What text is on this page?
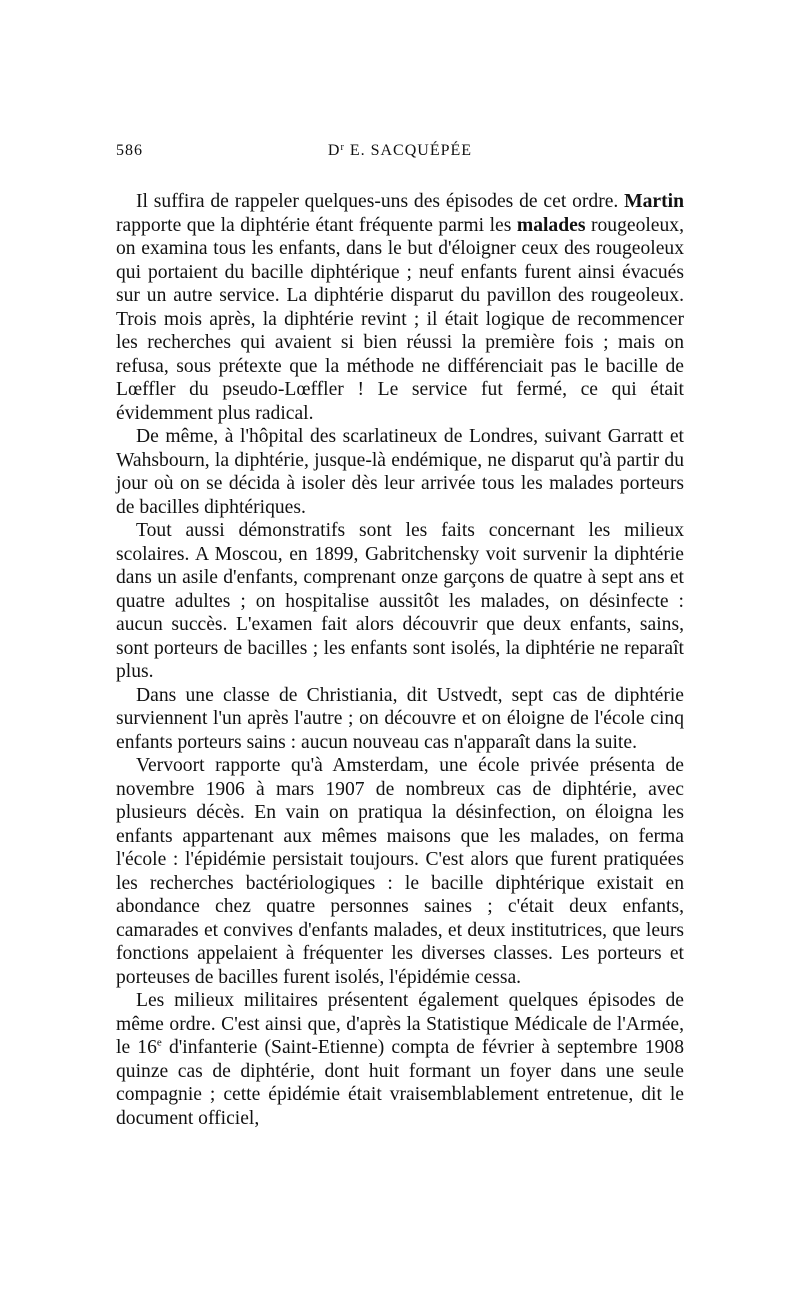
586	$D^r$ E. SACQUÉPÉE

Il suffira de rappeler quelques-uns des épisodes de cet ordre. Martin rapporte que la diphtérie étant fréquente parmi les malades rougeoleux, on examina tous les enfants, dans le but d'éloigner ceux des rougeoleux qui portaient du bacille diphtérique ; neuf enfants furent ainsi évacués sur un autre service. La diphtérie disparut du pavillon des rougeoleux. Trois mois après, la diphtérie revint ; il était logique de recommencer les recherches qui avaient si bien réussi la première fois ; mais on refusa, sous prétexte que la méthode ne différenciait pas le bacille de Lœffler du pseudo-Lœffler ! Le service fut fermé, ce qui était évidemment plus radical.

De même, à l'hôpital des scarlatineux de Londres, suivant Garratt et Wahsbourn, la diphtérie, jusque-là endémique, ne disparut qu'à partir du jour où on se décida à isoler dès leur arrivée tous les malades porteurs de bacilles diphtériques.

Tout aussi démonstratifs sont les faits concernant les milieux scolaires. A Moscou, en 1899, Gabritchensky voit survenir la diphtérie dans un asile d'enfants, comprenant onze garçons de quatre à sept ans et quatre adultes ; on hospitalise aussitôt les malades, on désinfecte : aucun succès. L'examen fait alors découvrir que deux enfants, sains, sont porteurs de bacilles ; les enfants sont isolés, la diphtérie ne reparaît plus.

Dans une classe de Christiania, dit Ustvedt, sept cas de diphtérie surviennent l'un après l'autre ; on découvre et on éloigne de l'école cinq enfants porteurs sains : aucun nouveau cas n'apparaît dans la suite.

Vervoort rapporte qu'à Amsterdam, une école privée présenta de novembre 1906 à mars 1907 de nombreux cas de diphtérie, avec plusieurs décès. En vain on pratiqua la désinfection, on éloigna les enfants appartenant aux mêmes maisons que les malades, on ferma l'école : l'épidémie persistait toujours. C'est alors que furent pratiquées les recherches bactériologiques : le bacille diphtérique existait en abondance chez quatre personnes saines ; c'était deux enfants, camarades et convives d'enfants malades, et deux institutrices, que leurs fonctions appelaient à fréquenter les diverses classes. Les porteurs et porteuses de bacilles furent isolés, l'épidémie cessa.

Les milieux militaires présentent également quelques épisodes de même ordre. C'est ainsi que, d'après la Statistique Médicale de l'Armée, le 16e d'infanterie (Saint-Etienne) compta de février à septembre 1908 quinze cas de diphtérie, dont huit formant un foyer dans une seule compagnie ; cette épidémie était vraisemblablement entretenue, dit le document officiel,
